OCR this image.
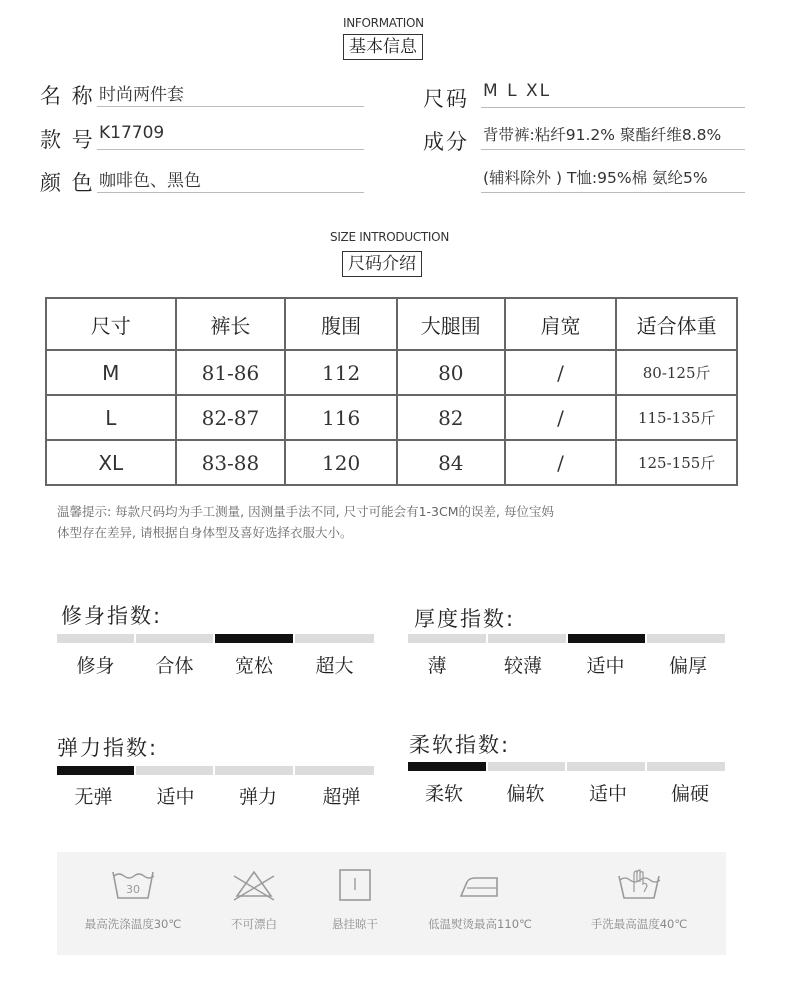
INFORMATION
基本信息
名 称 时尚两件套
款 号 K17709
颜 色 咖啡色、黑色
尺码 M L XL
成分 背带裤:粘纤91.2% 聚酯纤维8.8%
(辅料除外 ) T恤:95%棉 氨纶5%
SIZE INTRODUCTION
尺码介绍
尺寸	裤长	腹围	大腿围	肩宽	适合体重
M	81-86	112	80	/	80-125斤
L	82-87	116	82	/	115-135斤
XL	83-88	120	84	/	125-155斤
温馨提示: 每款尺码均为手工测量, 因测量手法不同, 尺寸可能会有1-3CM的误差, 每位宝妈
体型存在差异, 请根据自身体型及喜好选择衣服大小。
修身指数:
修身	合体	宽松	超大
厚度指数:
薄	较薄	适中	偏厚
弹力指数:
无弹	适中	弹力	超弹
柔软指数:
柔软	偏软	适中	偏硬
30
最高洗涤温度30℃	不可漂白	悬挂晾干	低温熨烫最高110℃	手洗最高温度40℃
